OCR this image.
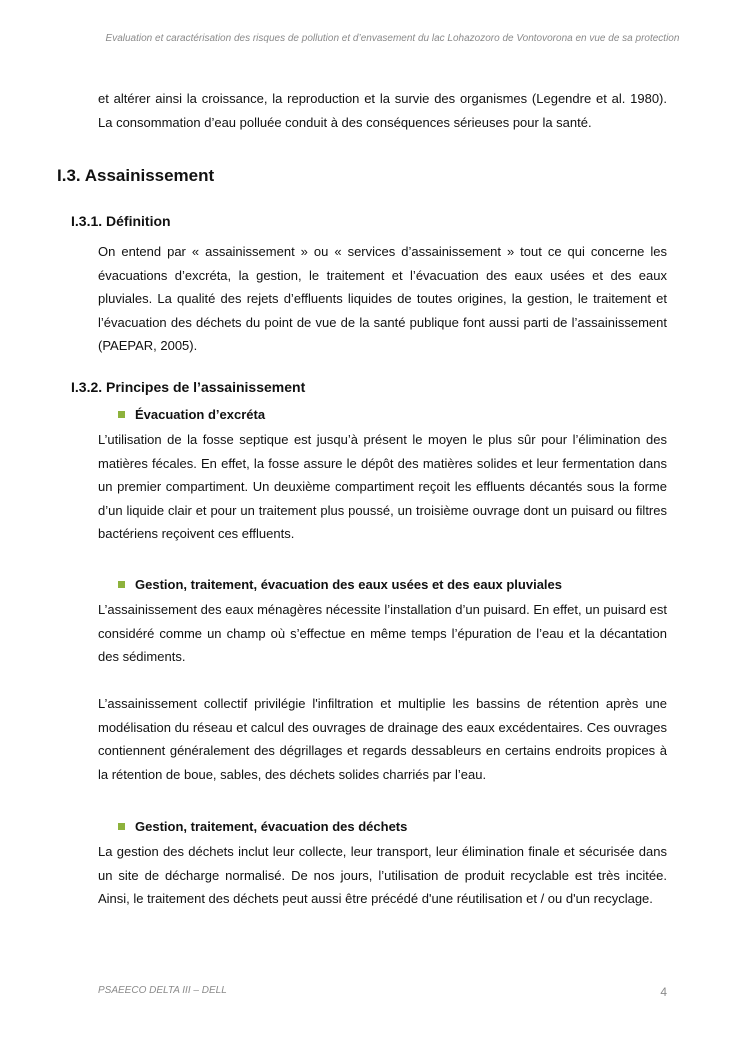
Evaluation et caractérisation des risques de pollution et d’envasement du lac Lohazozoro de Vontovorona en vue de sa protection

et altérer ainsi la croissance, la reproduction et la survie des organismes (Legendre et al. 1980). La consommation d’eau polluée conduit à des conséquences sérieuses pour la santé.

I.3. Assainissement
I.3.1. Définition

On entend par « assainissement » ou « services d’assainissement » tout ce qui concerne les évacuations d’excréta, la gestion, le traitement et l’évacuation des eaux usées et des eaux pluviales. La qualité des rejets d’effluents liquides de toutes origines, la gestion, le traitement et l’évacuation des déchets du point de vue de la santé publique font aussi parti de l’assainissement (PAEPAR, 2005).

I.3.2. Principes de l’assainissement
Évacuation d’excréta

L’utilisation de la fosse septique est jusqu’à présent le moyen le plus sûr pour l’élimination des matières fécales. En effet, la fosse assure le dépôt des matières solides et leur fermentation dans un premier compartiment. Un deuxième compartiment reçoit les effluents décantés sous la forme d’un liquide clair et pour un traitement plus poussé, un troisième ouvrage dont un puisard ou filtres bactériens reçoivent ces effluents.

Gestion, traitement, évacuation des eaux usées et des eaux pluviales

L’assainissement des eaux ménagères nécessite l’installation d’un puisard. En effet, un puisard est considéré comme un champ où s’effectue en même temps l’épuration de l’eau et la décantation des sédiments.

L’assainissement collectif privilégie l'infiltration et multiplie les bassins de rétention après une modélisation du réseau et calcul des ouvrages de drainage des eaux excédentaires. Ces ouvrages contiennent généralement des dégrillages et regards dessableurs en certains endroits propices à la rétention de boue, sables, des déchets solides charriés par l’eau.

Gestion, traitement, évacuation des déchets

La gestion des déchets inclut leur collecte, leur transport, leur élimination finale et sécurisée dans un site de décharge normalisé. De nos jours, l’utilisation de produit recyclable est très incitée. Ainsi, le traitement des déchets peut aussi être précédé d'une réutilisation et / ou d'un recyclage.

PSAEECO DELTA III – DELL	4
